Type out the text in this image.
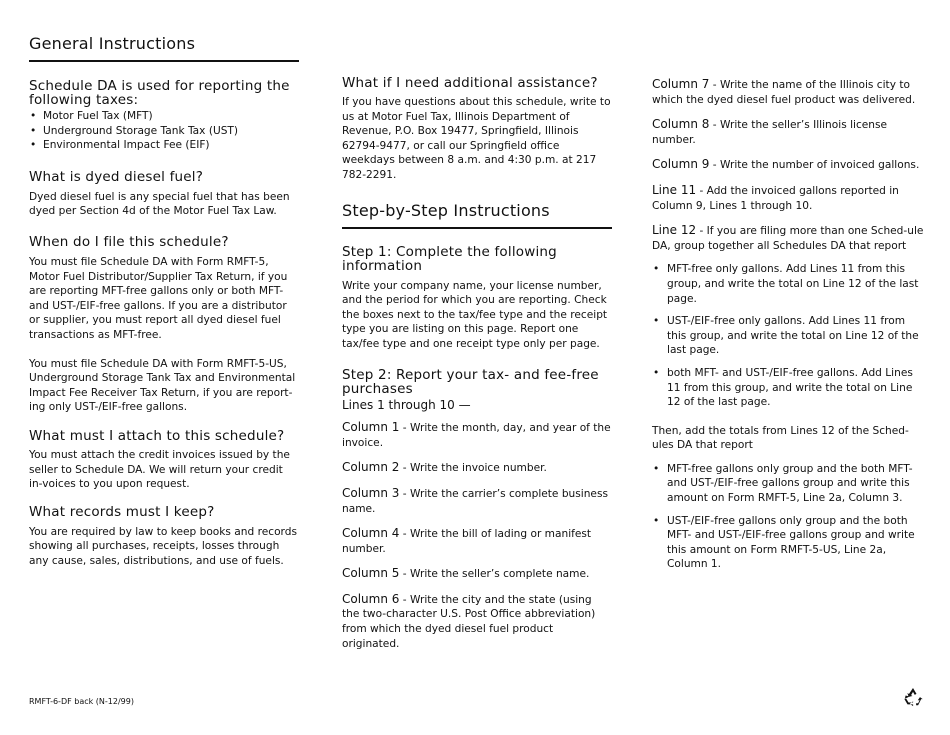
General Instructions
Schedule DA is used for reporting the following taxes:
• Motor Fuel Tax (MFT)
• Underground Storage Tank Tax (UST)
• Environmental Impact Fee (EIF)
What is dyed diesel fuel?

Dyed diesel fuel is any special fuel that has been dyed per Section 4d of the Motor Fuel Tax Law.

When do I file this schedule?

You must file Schedule DA with Form RMFT-5, Motor Fuel Distributor/Supplier Tax Return, if you are reporting MFT-free gallons only or both MFT- and UST-/EIF-free gallons. If you are a distributor or supplier, you must report all dyed diesel fuel transactions as MFT-free.

You must file Schedule DA with Form RMFT-5-US, Underground Storage Tank Tax and Environmental Impact Fee Receiver Tax Return, if you are report-ing only UST-/EIF-free gallons.

What must I attach to this schedule?

You must attach the credit invoices issued by the seller to Schedule DA. We will return your credit in-voices to you upon request.

What records must I keep?

You are required by law to keep books and records showing all purchases, receipts, losses through any cause, sales, distributions, and use of fuels.

What if I need additional assistance?

If you have questions about this schedule, write to us at Motor Fuel Tax, Illinois Department of Revenue, P.O. Box 19477, Springfield, Illinois 62794-9477, or call our Springfield office weekdays between 8 a.m. and 4:30 p.m. at 217 782-2291.

Step-by-Step Instructions
Step 1: Complete the following information

Write your company name, your license number, and the period for which you are reporting. Check the boxes next to the tax/fee type and the receipt type you are listing on this page. Report one tax/fee type and one receipt type only per page.

Step 2: Report your tax- and fee-free purchases

Lines 1 through 10 —

Column 1 - Write the month, day, and year of the invoice.

Column 2 - Write the invoice number.

Column 3 - Write the carrier’s complete business name.

Column 4 - Write the bill of lading or manifest number.

Column 5 - Write the seller’s complete name.

Column 6 - Write the city and the state (using the two-character U.S. Post Office abbreviation) from which the dyed diesel fuel product originated.

Column 7 - Write the name of the Illinois city to which the dyed diesel fuel product was delivered.

Column 8 - Write the seller’s Illinois license number.

Column 9 - Write the number of invoiced gallons.

Line 11 - Add the invoiced gallons reported in Column 9, Lines 1 through 10.

Line 12 - If you are filing more than one Sched-ule DA, group together all Schedules DA that report

• MFT-free only gallons. Add Lines 11 from this group, and write the total on Line 12 of the last page.
• UST-/EIF-free only gallons. Add Lines 11 from this group, and write the total on Line 12 of the last page.
• both MFT- and UST-/EIF-free gallons. Add Lines 11 from this group, and write the total on Line 12 of the last page.

Then, add the totals from Lines 12 of the Sched-ules DA that report

• MFT-free gallons only group and the both MFT- and UST-/EIF-free gallons group and write this amount on Form RMFT-5, Line 2a, Column 3.
• UST-/EIF-free gallons only group and the both MFT- and UST-/EIF-free gallons group and write this amount on Form RMFT-5-US, Line 2a, Column 1.
RMFT-6-DF back (N-12/99)
